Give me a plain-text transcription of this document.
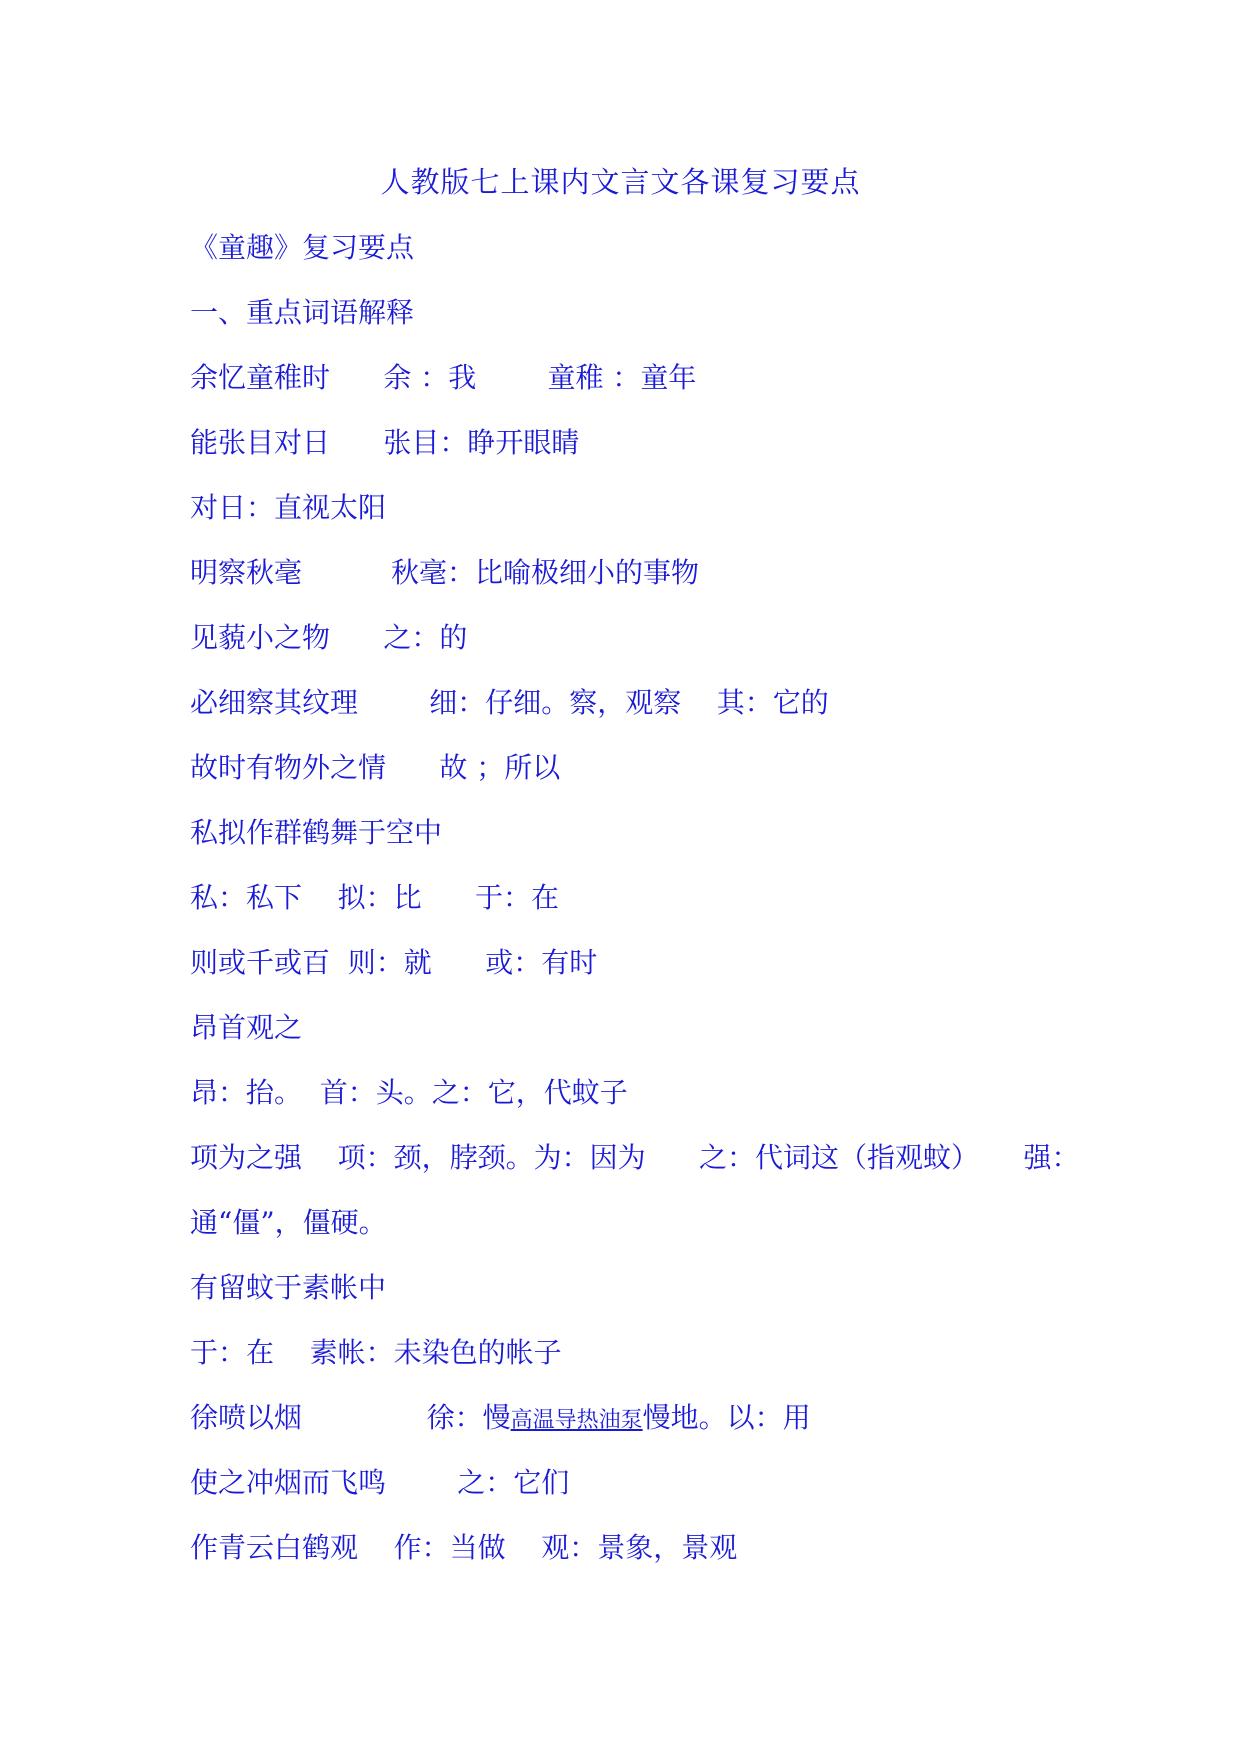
人教版七上课内文言文各课复习要点
《童趣》复习要点
一、重点词语解释
余忆童稚时      余 ：我        童稚 ：童年
能张目对日      张目：睁开眼睛
对日：直视太阳
明察秋毫          秋毫：比喻极细小的事物
见藐小之物      之：的
必细察其纹理        细：仔细。察，观察    其：它的
故时有物外之情      故 ；所以
私拟作群鹤舞于空中
私：私下    拟：比      于：在
则或千或百  则：就      或：有时
昂首观之
昂：抬。  首：头。之：它，代蚊子
项为之强    项：颈，脖颈。为：因为      之：代词这（指观蚊）     强：
通“僵”，僵硬。
有留蚊于素帐中
于：在    素帐：未染色的帐子
徐喷以烟              徐：慢高温导热油泵慢地。以：用
使之冲烟而飞鸣        之：它们
作青云白鹤观    作：当做    观：景象，景观
